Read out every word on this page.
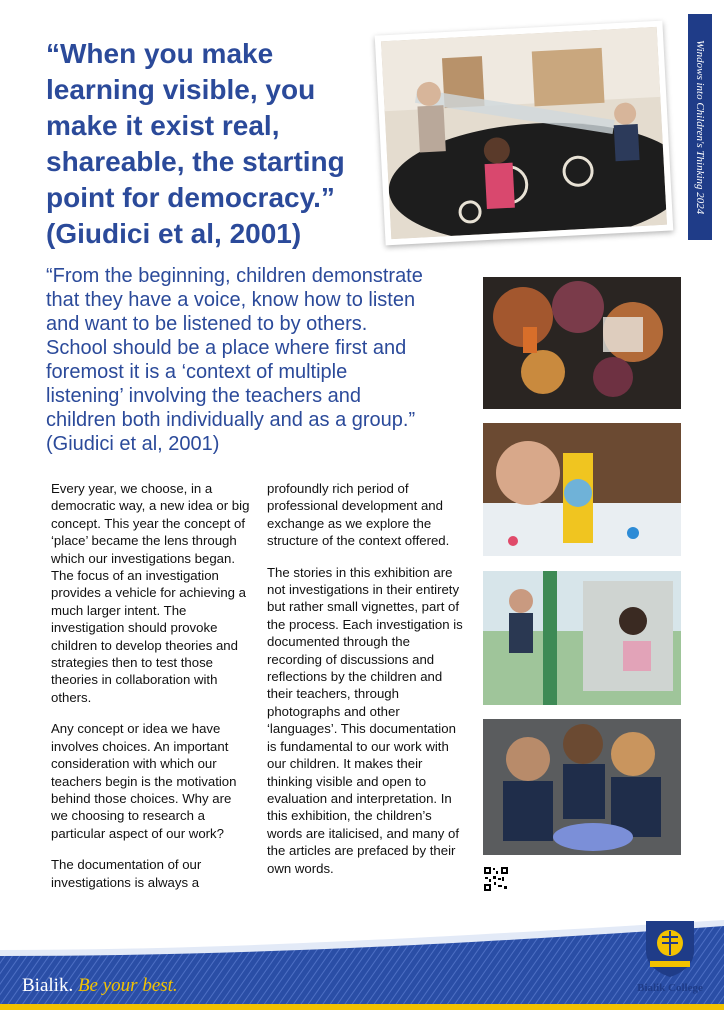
Windows into Children's Thinking 2024
“When you make
learning visible, you
make it exist real,
shareable, the starting
point for democracy.”
(Giudici et al, 2001)
“From the beginning, children demonstrate
that they have a voice, know how to listen
and want to be listened to by others.
School should be a place where first and
foremost it is a ‘context of multiple
listening’ involving the teachers and
children both individually and as a group.”
(Giudici et al, 2001)

Every year, we choose, in a democratic way, a new idea or big concept. This year the concept of ‘place’ became the lens through which our investigations began. The focus of an investigation provides a vehicle for achieving a much larger intent. The investigation should provoke children to develop theories and strategies then to test those theories in collaboration with others.

Any concept or idea we have involves choices. An important consideration with which our teachers begin is the motivation behind those choices. Why are we choosing to research a particular aspect of our work?

The documentation of our investigations is always a

profoundly rich period of professional development and exchange as we explore the structure of the context offered.

The stories in this exhibition are not investigations in their entirety but rather small vignettes, part of the process. Each investigation is documented through the recording of discussions and reflections by the children and their teachers, through photographs and other ‘languages’. This documentation is fundamental to our work with our children. It makes their thinking visible and open to evaluation and interpretation. In this exhibition, the children’s words are italicised, and many of the articles are prefaced by their own words.

Bialik. Be your best.	Bialik College
